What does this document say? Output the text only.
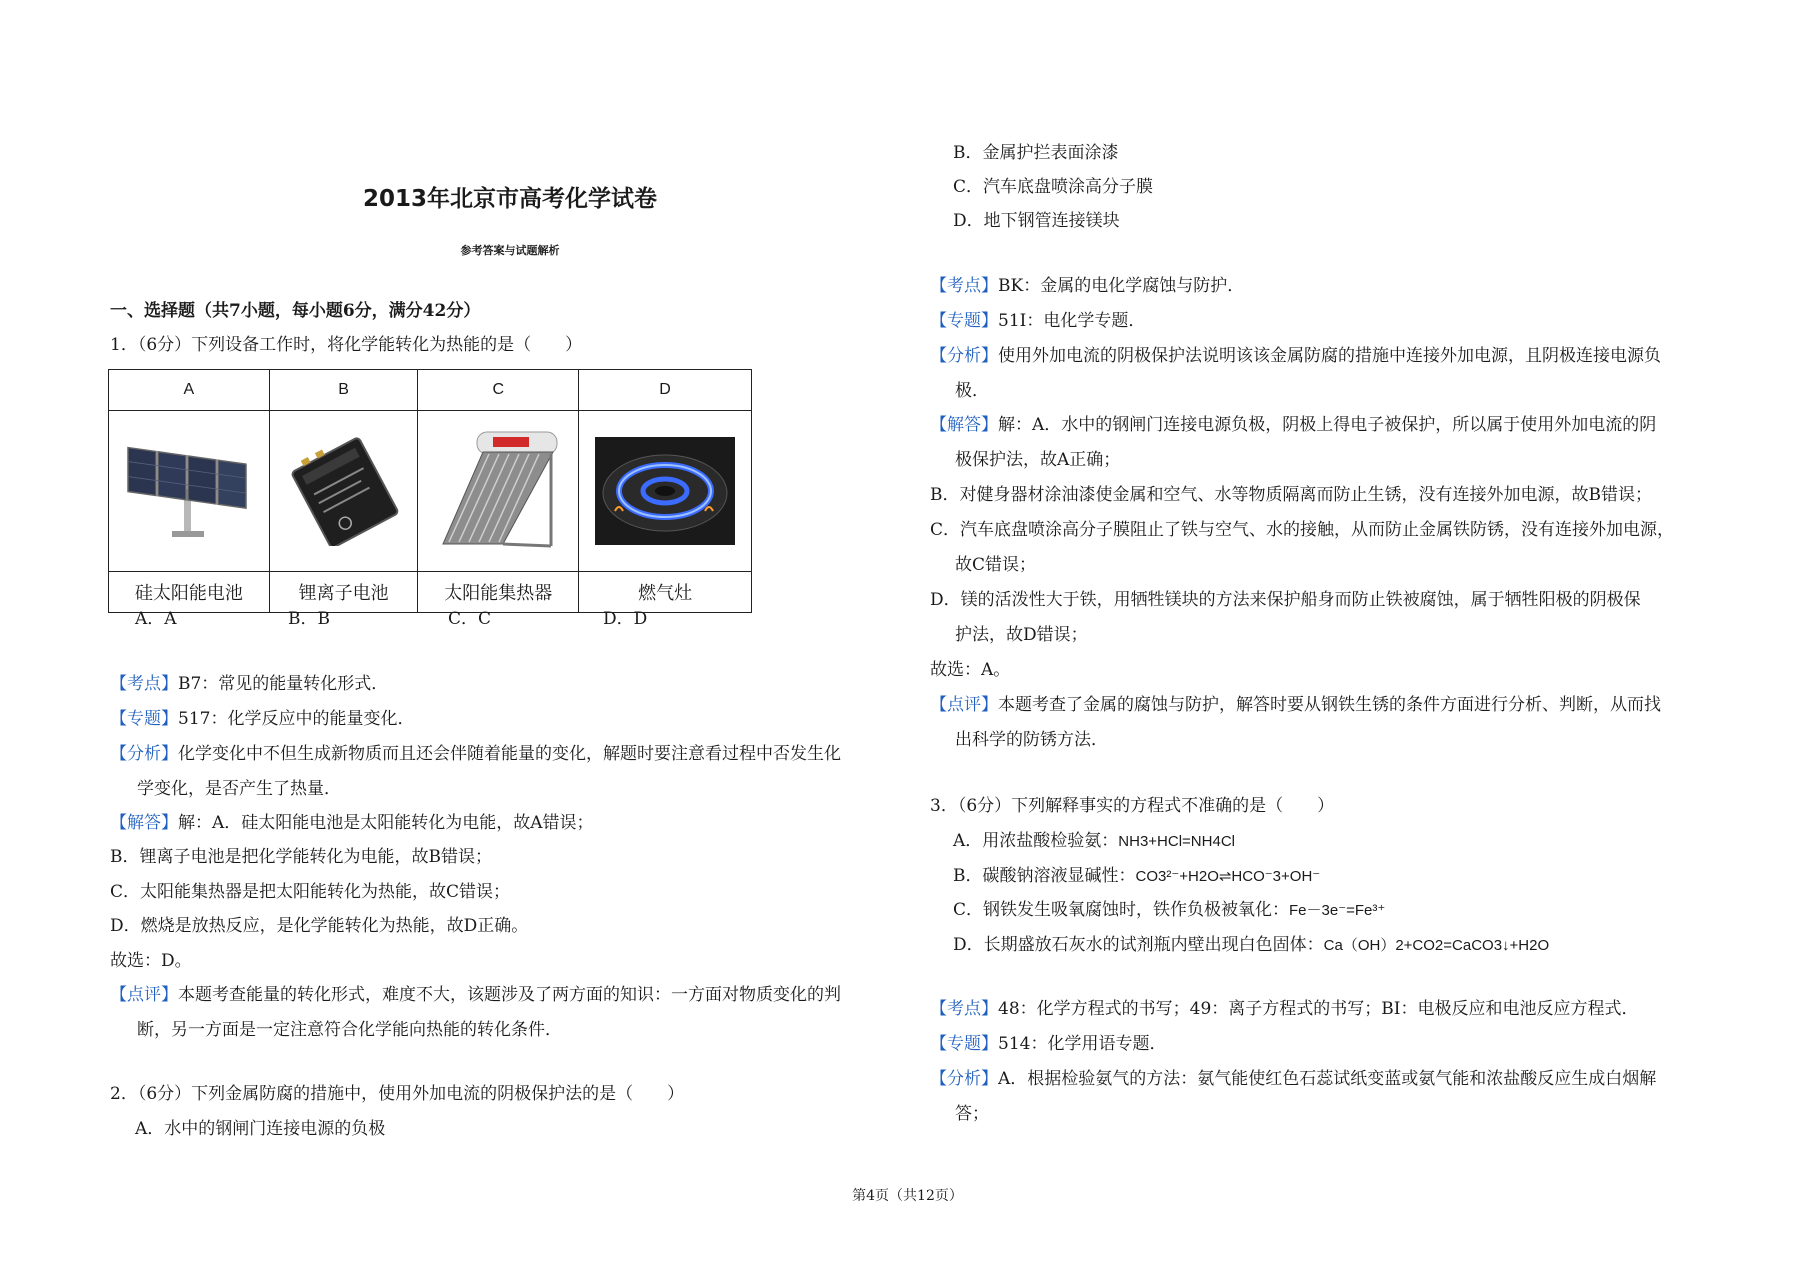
2013年北京市高考化学试卷
参考答案与试题解析
一、选择题（共7小题，每小题6分，满分42分）
1．（6分）下列设备工作时，将化学能转化为热能的是（　　）
A	B	C	D

硅太阳能电池	锂离子电池	太阳能集热器	燃气灶
A．A	B．B	C．C	D．D
【考点】B7：常见的能量转化形式．
【专题】517：化学反应中的能量变化．
【分析】化学变化中不但生成新物质而且还会伴随着能量的变化，解题时要注意看过程中否发生化
学变化，是否产生了热量．
【解答】解：A．硅太阳能电池是太阳能转化为电能，故A错误；
B．锂离子电池是把化学能转化为电能，故B错误；
C．太阳能集热器是把太阳能转化为热能，故C错误；
D．燃烧是放热反应，是化学能转化为热能，故D正确。
故选：D。
【点评】本题考查能量的转化形式，难度不大，该题涉及了两方面的知识：一方面对物质变化的判
断，另一方面是一定注意符合化学能向热能的转化条件．
2．（6分）下列金属防腐的措施中，使用外加电流的阴极保护法的是（　　）
A．水中的钢闸门连接电源的负极
B．金属护拦表面涂漆
C．汽车底盘喷涂高分子膜
D．地下钢管连接镁块
【考点】BK：金属的电化学腐蚀与防护．
【专题】51I：电化学专题．
【分析】使用外加电流的阴极保护法说明该该金属防腐的措施中连接外加电源，且阴极连接电源负
极．
【解答】解：A．水中的钢闸门连接电源负极，阴极上得电子被保护，所以属于使用外加电流的阴
极保护法，故A正确；
B．对健身器材涂油漆使金属和空气、水等物质隔离而防止生锈，没有连接外加电源，故B错误；
C．汽车底盘喷涂高分子膜阻止了铁与空气、水的接触，从而防止金属铁防锈，没有连接外加电源，
故C错误；
D．镁的活泼性大于铁，用牺牲镁块的方法来保护船身而防止铁被腐蚀，属于牺牲阳极的阴极保
护法，故D错误；
故选：A。
【点评】本题考查了金属的腐蚀与防护，解答时要从钢铁生锈的条件方面进行分析、判断，从而找
出科学的防锈方法．
3．（6分）下列解释事实的方程式不准确的是（　　）
A．用浓盐酸检验氨：NH3+HCl=NH4Cl
B．碳酸钠溶液显碱性：CO3²⁻+H2O⇌HCO⁻3+OH⁻
C．钢铁发生吸氧腐蚀时，铁作负极被氧化：Fe－3e⁻=Fe³⁺
D．长期盛放石灰水的试剂瓶内壁出现白色固体：Ca（OH）2+CO2=CaCO3↓+H2O
【考点】48：化学方程式的书写；49：离子方程式的书写；BI：电极反应和电池反应方程式．
【专题】514：化学用语专题．
【分析】A．根据检验氨气的方法：氨气能使红色石蕊试纸变蓝或氨气能和浓盐酸反应生成白烟解
答；
第4页（共12页）
